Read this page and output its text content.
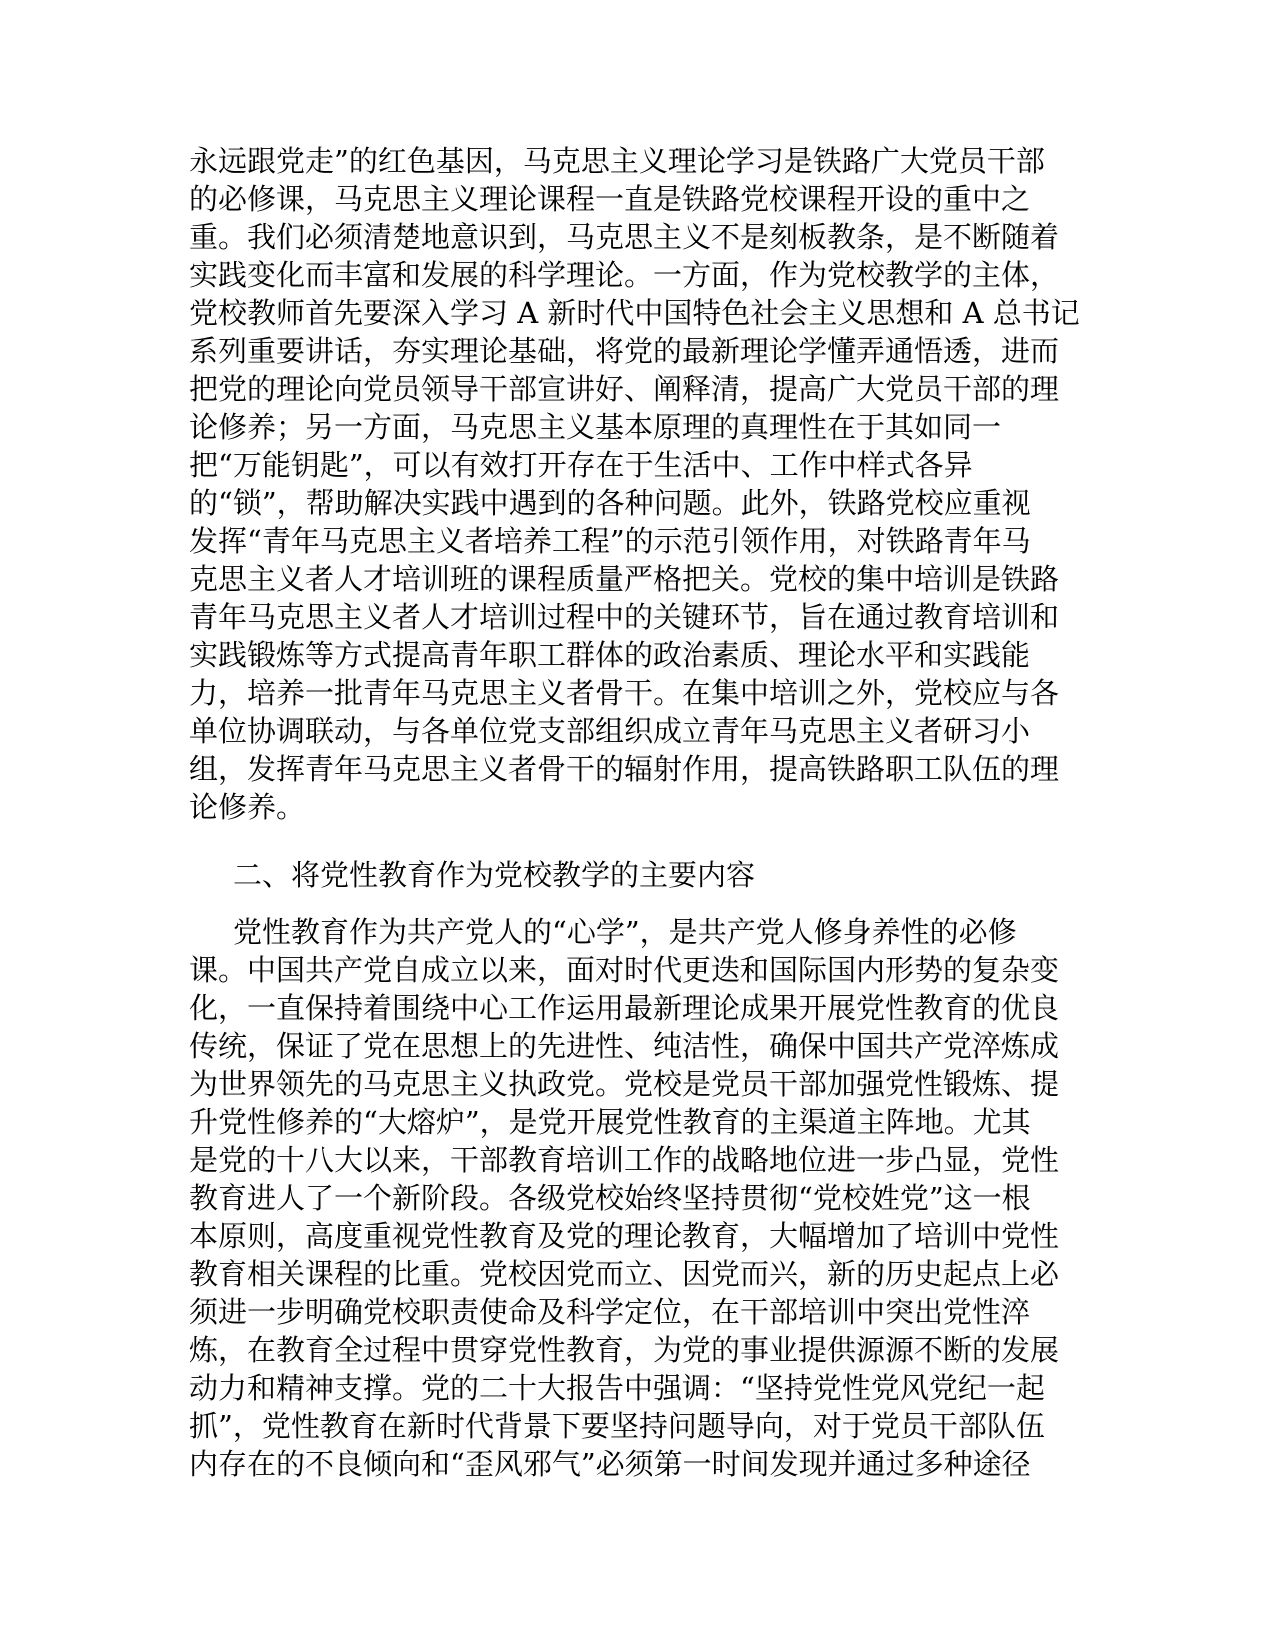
永远跟党走”的红色基因，马克思主义理论学习是铁路广大党员干部
的必修课，马克思主义理论课程一直是铁路党校课程开设的重中之
重。我们必须清楚地意识到，马克思主义不是刻板教条，是不断随着
实践变化而丰富和发展的科学理论。一方面，作为党校教学的主体，
党校教师首先要深入学习 A 新时代中国特色社会主义思想和 A 总书记
系列重要讲话，夯实理论基础，将党的最新理论学懂弄通悟透，进而
把党的理论向党员领导干部宣讲好、阐释清，提高广大党员干部的理
论修养；另一方面，马克思主义基本原理的真理性在于其如同一
把“万能钥匙”，可以有效打开存在于生活中、工作中样式各异
的“锁”，帮助解决实践中遇到的各种问题。此外，铁路党校应重视
发挥“青年马克思主义者培养工程”的示范引领作用，对铁路青年马
克思主义者人才培训班的课程质量严格把关。党校的集中培训是铁路
青年马克思主义者人才培训过程中的关键环节，旨在通过教育培训和
实践锻炼等方式提高青年职工群体的政治素质、理论水平和实践能
力，培养一批青年马克思主义者骨干。在集中培训之外，党校应与各
单位协调联动，与各单位党支部组织成立青年马克思主义者研习小
组，发挥青年马克思主义者骨干的辐射作用，提高铁路职工队伍的理
论修养。
二、将党性教育作为党校教学的主要内容
党性教育作为共产党人的“心学”，是共产党人修身养性的必修
课。中国共产党自成立以来，面对时代更迭和国际国内形势的复杂变
化，一直保持着围绕中心工作运用最新理论成果开展党性教育的优良
传统，保证了党在思想上的先进性、纯洁性，确保中国共产党淬炼成
为世界领先的马克思主义执政党。党校是党员干部加强党性锻炼、提
升党性修养的“大熔炉”，是党开展党性教育的主渠道主阵地。尤其
是党的十八大以来，干部教育培训工作的战略地位进一步凸显，党性
教育进人了一个新阶段。各级党校始终坚持贯彻“党校姓党”这一根
本原则，高度重视党性教育及党的理论教育，大幅增加了培训中党性
教育相关课程的比重。党校因党而立、因党而兴，新的历史起点上必
须进一步明确党校职责使命及科学定位，在干部培训中突出党性淬
炼，在教育全过程中贯穿党性教育，为党的事业提供源源不断的发展
动力和精神支撑。党的二十大报告中强调：“坚持党性党风党纪一起
抓”，党性教育在新时代背景下要坚持问题导向，对于党员干部队伍
内存在的不良倾向和“歪风邪气”必须第一时间发现并通过多种途径
